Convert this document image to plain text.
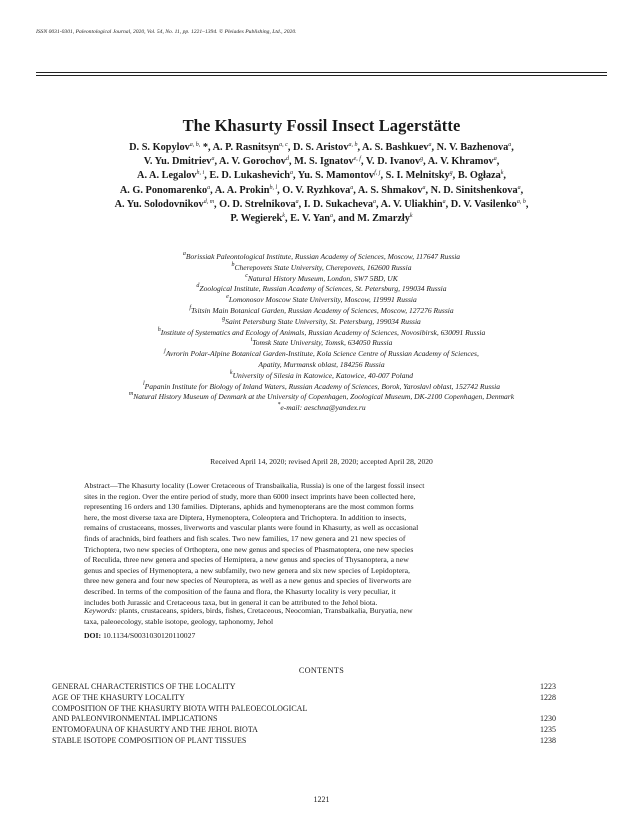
ISSN 0031-0301, Paleontological Journal, 2020, Vol. 54, No. 11, pp. 1221–1394. © Pleiades Publishing, Ltd., 2020.
The Khasurty Fossil Insect Lagerstätte
D. S. Kopylov$^{a, b,}$ *, A. P. Rasnitsyn$^{a, c}$, D. S. Aristov$^{a, b}$, A. S. Bashkuev$^a$, N. V. Bazhenova$^a$,
V. Yu. Dmitriev$^a$, A. V. Gorochov$^d$, M. S. Ignatov$^{e, f}$, V. D. Ivanov$^g$, A. V. Khramov$^a$,
A. A. Legalov$^{h, i}$, E. D. Lukashevich$^a$, Yu. S. Mamontov$^{f, j}$, S. I. Melnitsky$^g$, B. Ogłaza$^k$,
A. G. Ponomarenko$^a$, A. A. Prokin$^{b, l}$, O. V. Ryzhkova$^a$, A. S. Shmakov$^a$, N. D. Sinitshenkova$^a$,
A. Yu. Solodovnikov$^{d, m}$, O. D. Strelnikova$^a$, I. D. Sukacheva$^a$, A. V. Uliakhin$^a$, D. V. Vasilenko$^{a, b}$,
P. Wegierek$^k$, E. V. Yan$^a$, and M. Zmarzły$^k$
$^a$Borissiak Paleontological Institute, Russian Academy of Sciences, Moscow, 117647 Russia
$^b$Cherepovets State University, Cherepovets, 162600 Russia
$^c$Natural History Museum, London, SW7 5BD, UK
$^d$Zoological Institute, Russian Academy of Sciences, St. Petersburg, 199034 Russia
$^e$Lomonosov Moscow State University, Moscow, 119991 Russia
$^f$Tsitsin Main Botanical Garden, Russian Academy of Sciences, Moscow, 127276 Russia
$^g$Saint Petersburg State University, St. Petersburg, 199034 Russia
$^h$Institute of Systematics and Ecology of Animals, Russian Academy of Sciences, Novosibirsk, 630091 Russia
$^i$Tomsk State University, Tomsk, 634050 Russia
$^j$Avrorin Polar-Alpine Botanical Garden-Institute, Kola Science Centre of Russian Academy of Sciences,
Apatity, Murmansk oblast, 184256 Russia
$^k$University of Silesia in Katowice, Katowice, 40-007 Poland
$^l$Papanin Institute for Biology of Inland Waters, Russian Academy of Sciences, Borok, Yaroslavl oblast, 152742 Russia
$^m$Natural History Museum of Denmark at the University of Copenhagen, Zoological Museum, DK-2100 Copenhagen, Denmark
*e-mail: aeschna@yandex.ru
Received April 14, 2020; revised April 28, 2020; accepted April 28, 2020
Abstract—The Khasurty locality (Lower Cretaceous of Transbaikalia, Russia) is one of the largest fossil insect
sites in the region. Over the entire period of study, more than 6000 insect imprints have been collected here,
representing 16 orders and 130 families. Dipterans, aphids and hymenopterans are the most common forms
here, the most diverse taxa are Diptera, Hymenoptera, Coleoptera and Trichoptera. In addition to insects,
remains of crustaceans, mosses, liverworts and vascular plants were found in Khasurty, as well as occasional
finds of arachnids, bird feathers and fish scales. Two new families, 17 new genera and 21 new species of
Trichoptera, two new species of Orthoptera, one new genus and species of Phasmatoptera, one new species
of Reculida, three new genera and species of Hemiptera, a new genus and species of Thysanoptera, a new
genus and species of Hymenoptera, a new subfamily, two new genera and six new species of Lepidoptera,
three new genera and four new species of Neuroptera, as well as a new genus and species of liverworts are
described. In terms of the composition of the fauna and flora, the Khasurty locality is very peculiar, it
includes both Jurassic and Cretaceous taxa, but in general it can be attributed to the Jehol biota.
Keywords: plants, crustaceans, spiders, birds, fishes, Cretaceous, Neocomian, Transbaikalia, Buryatia, new
taxa, paleoecology, stable isotope, geology, taphonomy, Jehol
DOI: 10.1134/S0031030120110027
CONTENTS
GENERAL CHARACTERISTICS OF THE LOCALITY	1223
AGE OF THE KHASURTY LOCALITY	1228
COMPOSITION OF THE KHASURTY BIOTA WITH PALEOECOLOGICAL
AND PALEONVIRONMENTAL IMPLICATIONS	1230
ENTOMOFAUNA OF KHASURTY AND THE JEHOL BIOTA	1235
STABLE ISOTOPE COMPOSITION OF PLANT TISSUES	1238
1221
